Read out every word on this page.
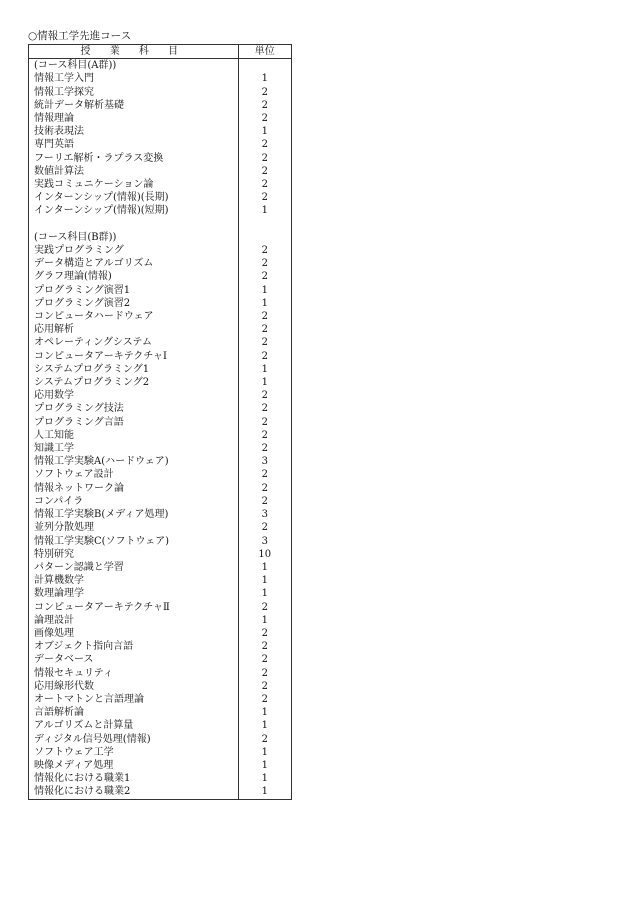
○情報工学先進コース
授 業 科 目	単位
(コース科目(A群))	
情報工学入門	1
情報工学探究	2
統計データ解析基礎	2
情報理論	2
技術表現法	1
専門英語	2
フーリエ解析・ラプラス変換	2
数値計算法	2
実践コミュニケーション論	2
インターンシップ(情報)(長期)	2
インターンシップ(情報)(短期)	1

(コース科目(B群))	
実践プログラミング	2
データ構造とアルゴリズム	2
グラフ理論(情報)	2
プログラミング演習1	1
プログラミング演習2	1
コンピュータハードウェア	2
応用解析	2
オペレーティングシステム	2
コンピュータアーキテクチャⅠ	2
システムプログラミング1	1
システムプログラミング2	1
応用数学	2
プログラミング技法	2
プログラミング言語	2
人工知能	2
知識工学	2
情報工学実験A(ハードウェア)	3
ソフトウェア設計	2
情報ネットワーク論	2
コンパイラ	2
情報工学実験B(メディア処理)	3
並列分散処理	2
情報工学実験C(ソフトウェア)	3
特別研究	10
パターン認識と学習	1
計算機数学	1
数理論理学	1
コンピュータアーキテクチャⅡ	2
論理設計	1
画像処理	2
オブジェクト指向言語	2
データベース	2
情報セキュリティ	2
応用線形代数	2
オートマトンと言語理論	2
言語解析論	1
アルゴリズムと計算量	1
ディジタル信号処理(情報)	2
ソフトウェア工学	1
映像メディア処理	1
情報化における職業1	1
情報化における職業2	1
